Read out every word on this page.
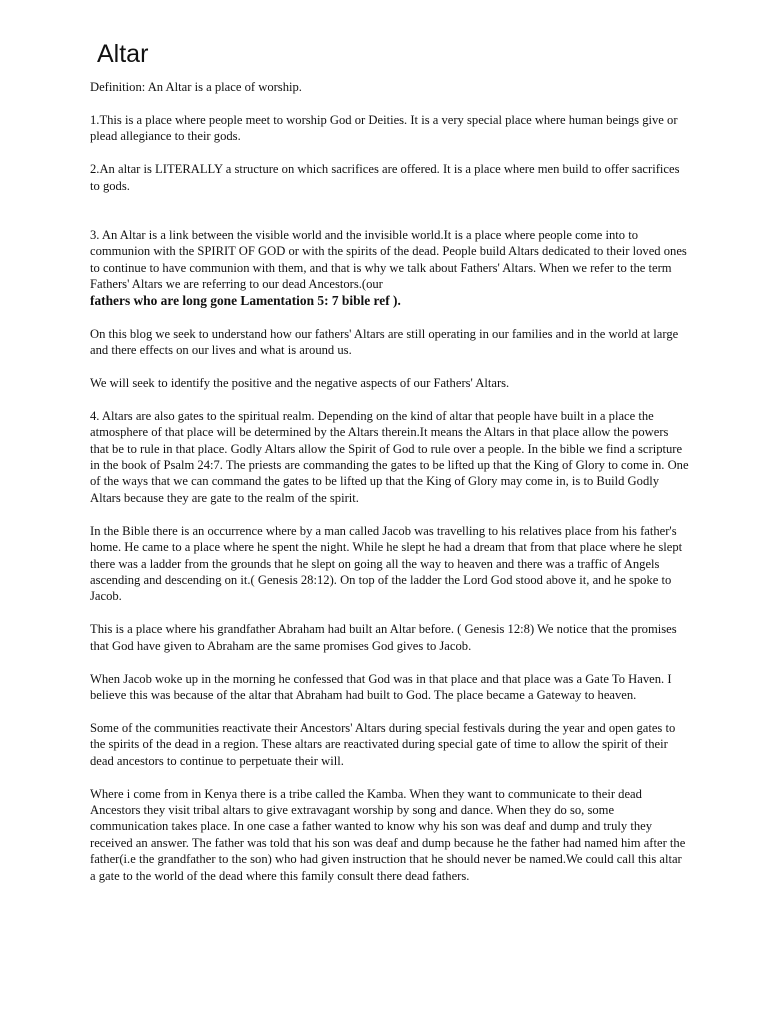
Altar

Definition: An Altar is a place of worship.

1.This is a place where people meet to worship God or Deities. It is a very special place where human beings give or plead allegiance to their gods.

2.An altar is LITERALLY a structure on which sacrifices are offered. It is a place where men build to offer sacrifices to gods.

3. An Altar is a link between the visible world and the invisible world.It is a place where people come into to communion with the SPIRIT OF GOD or with the spirits of the dead. People build Altars dedicated to their loved ones to continue to have communion with them, and that is why we talk about Fathers' Altars. When we refer to the term Fathers' Altars we are referring to our dead Ancestors.(our
fathers who are long gone Lamentation 5: 7 bible ref ).

On this blog we seek to understand how our fathers' Altars are still operating in our families and in the world at large and there effects on our lives and what is around us.

We will seek to identify the positive and the negative aspects of our Fathers' Altars.

4. Altars are also gates to the spiritual realm. Depending on the kind of altar that people have built in a place the atmosphere of that place will be determined by the Altars therein.It means the Altars in that place allow the powers that be to rule in that place. Godly Altars allow the Spirit of God to rule over a people. In the bible we find a scripture in the book of Psalm 24:7. The priests are commanding the gates to be lifted up that the King of Glory to come in. One of the ways that we can command the gates to be lifted up that the King of Glory may come in, is to Build Godly Altars because they are gate to the realm of the spirit.

In the Bible there is an occurrence where by a man called Jacob was travelling to his relatives place from his father's home. He came to a place where he spent the night. While he slept he had a dream that from that place where he slept there was a ladder from the grounds that he slept on going all the way to heaven and there was a traffic of Angels ascending and descending on it.( Genesis 28:12). On top of the ladder the Lord God stood above it, and he spoke to Jacob.

This is a place where his grandfather Abraham had built an Altar before. ( Genesis 12:8) We notice that the promises that God have given to Abraham are the same promises God gives to Jacob.

When Jacob woke up in the morning he confessed that God was in that place and that place was a Gate To Haven. I believe this was because of the altar that Abraham had built to God. The place became a Gateway to heaven.

Some of the communities reactivate their Ancestors' Altars during special festivals during the year and open gates to the spirits of the dead in a region. These altars are reactivated during special gate of time to allow the spirit of their dead ancestors to continue to perpetuate their will.

Where i come from in Kenya there is a tribe called the Kamba. When they want to communicate to their dead Ancestors they visit tribal altars to give extravagant worship by song and dance. When they do so, some communication takes place. In one case a father wanted to know why his son was deaf and dump and truly they received an answer. The father was told that his son was deaf and dump because he the father had named him after the father(i.e the grandfather to the son) who had given instruction that he should never be named.We could call this altar a gate to the world of the dead where this family consult there dead fathers.
